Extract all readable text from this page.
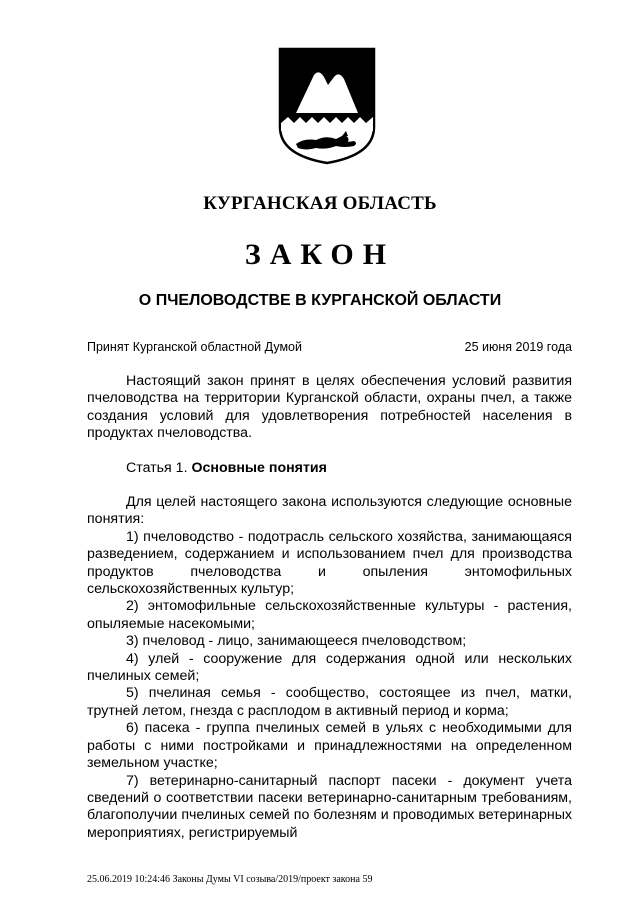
КУРГАНСКАЯ ОБЛАСТЬ
ЗАКОН
О ПЧЕЛОВОДСТВЕ В КУРГАНСКОЙ ОБЛАСТИ
Принят Курганской областной Думой	25 июня 2019 года

Настоящий закон принят в целях обеспечения условий развития пчеловодства на территории Курганской области, охраны пчел, а также создания условий для удовлетворения потребностей населения в продуктах пчеловодства.

Статья 1. Основные понятия

Для целей настоящего закона используются следующие основные понятия:

1) пчеловодство - подотрасль сельского хозяйства, занимающаяся разведением, содержанием и использованием пчел для производства продуктов пчеловодства и опыления энтомофильных сельскохозяйственных культур;

2) энтомофильные сельскохозяйственные культуры - растения, опыляемые насекомыми;

3) пчеловод - лицо, занимающееся пчеловодством;

4) улей - сооружение для содержания одной или нескольких пчелиных семей;

5) пчелиная семья - сообщество, состоящее из пчел, матки, трутней летом, гнезда с расплодом в активный период и корма;

6) пасека - группа пчелиных семей в ульях с необходимыми для работы с ними постройками и принадлежностями на определенном земельном участке;

7) ветеринарно-санитарный паспорт пасеки - документ учета сведений о соответствии пасеки ветеринарно-санитарным требованиям, благополучии пчелиных семей по болезням и проводимых ветеринарных мероприятиях, регистрируемый

25.06.2019 10:24:46 Законы Думы VI созыва/2019/проект закона 59
